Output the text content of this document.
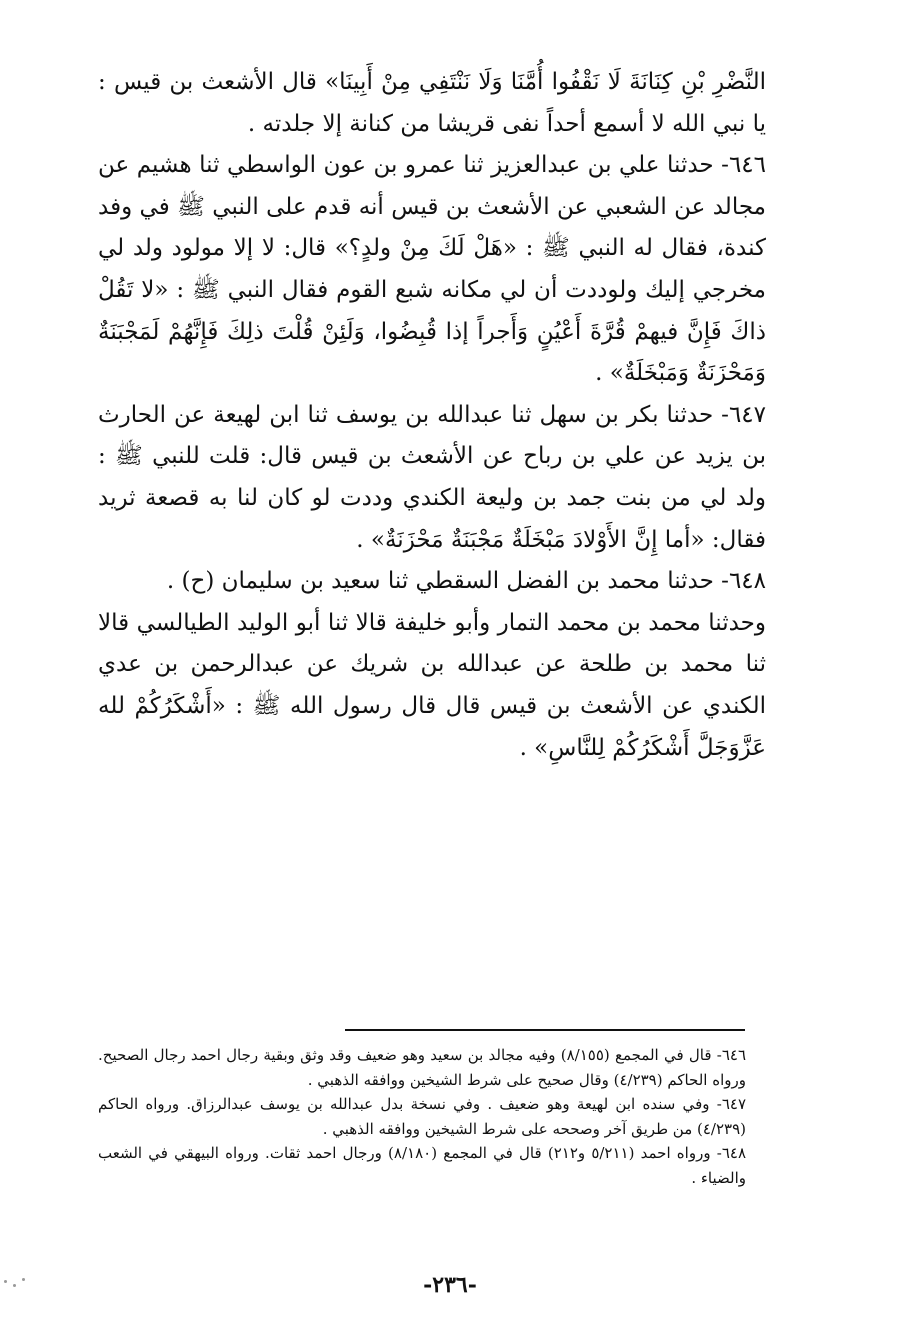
النَّضْرِ بْنِ كِنَانَةَ لَا نَقْفُوا أُمَّنَا وَلَا نَنْتَفِي مِنْ أَبِينَا» قال الأشعث بن قيس : يا نبي الله لا أسمع أحداً نفى قريشا من كنانة إلا جلدته .

٦٤٦- حدثنا علي بن عبدالعزيز ثنا عمرو بن عون الواسطي ثنا هشيم عن مجالد عن الشعبي عن الأشعث بن قيس أنه قدم على النبي ﷺ في وفد كندة، فقال له النبي ﷺ : «هَلْ لَكَ مِنْ ولدٍ؟» قال: لا إلا مولود ولد لي مخرجي إليك ولوددت أن لي مكانه شبع القوم فقال النبي ﷺ : «لا تَقُلْ ذاكَ فَإِنَّ فيهمْ قُرَّةَ أَعْيُنٍ وَأَجراً إذا قُبِضُوا، وَلَئِنْ قُلْتَ ذلِكَ فَإِنَّهُمْ لَمَجْبَنَةٌ وَمَحْزَنَةٌ وَمَبْخَلَةٌ» .

٦٤٧- حدثنا بكر بن سهل ثنا عبدالله بن يوسف ثنا ابن لهيعة عن الحارث بن يزيد عن علي بن رباح عن الأشعث بن قيس قال: قلت للنبي ﷺ : ولد لي من بنت جمد بن وليعة الكندي وددت لو كان لنا به قصعة ثريد فقال: «أما إِنَّ الأَوْلادَ مَبْخَلَةٌ مَجْبَنَةٌ مَحْزَنَةٌ» .

٦٤٨- حدثنا محمد بن الفضل السقطي ثنا سعيد بن سليمان (ح) .

وحدثنا محمد بن محمد التمار وأبو خليفة قالا ثنا أبو الوليد الطيالسي قالا ثنا محمد بن طلحة عن عبدالله بن شريك عن عبدالرحمن بن عدي الكندي عن الأشعث بن قيس قال قال رسول الله ﷺ : «أَشْكَرُكُمْ لله عَزَّوَجَلَّ أَشْكَرُكُمْ لِلنَّاسِ» .

٦٤٦- قال في المجمع (٨/١٥٥) وفيه مجالد بن سعيد وهو ضعيف وقد وثق وبقية رجال احمد رجال الصحيح. ورواه الحاكم (٤/٢٣٩) وقال صحيح على شرط الشيخين ووافقه الذهبي .

٦٤٧- وفي سنده ابن لهيعة وهو ضعيف . وفي نسخة بدل عبدالله بن يوسف عبدالرزاق. ورواه الحاكم (٤/٢٣٩) من طريق آخر وصححه على شرط الشيخين ووافقه الذهبي .

٦٤٨- ورواه احمد (٥/٢١١ و٢١٢) قال في المجمع (٨/١٨٠) ورجال احمد ثقات. ورواه البيهقي في الشعب والضياء .

-٢٣٦-
